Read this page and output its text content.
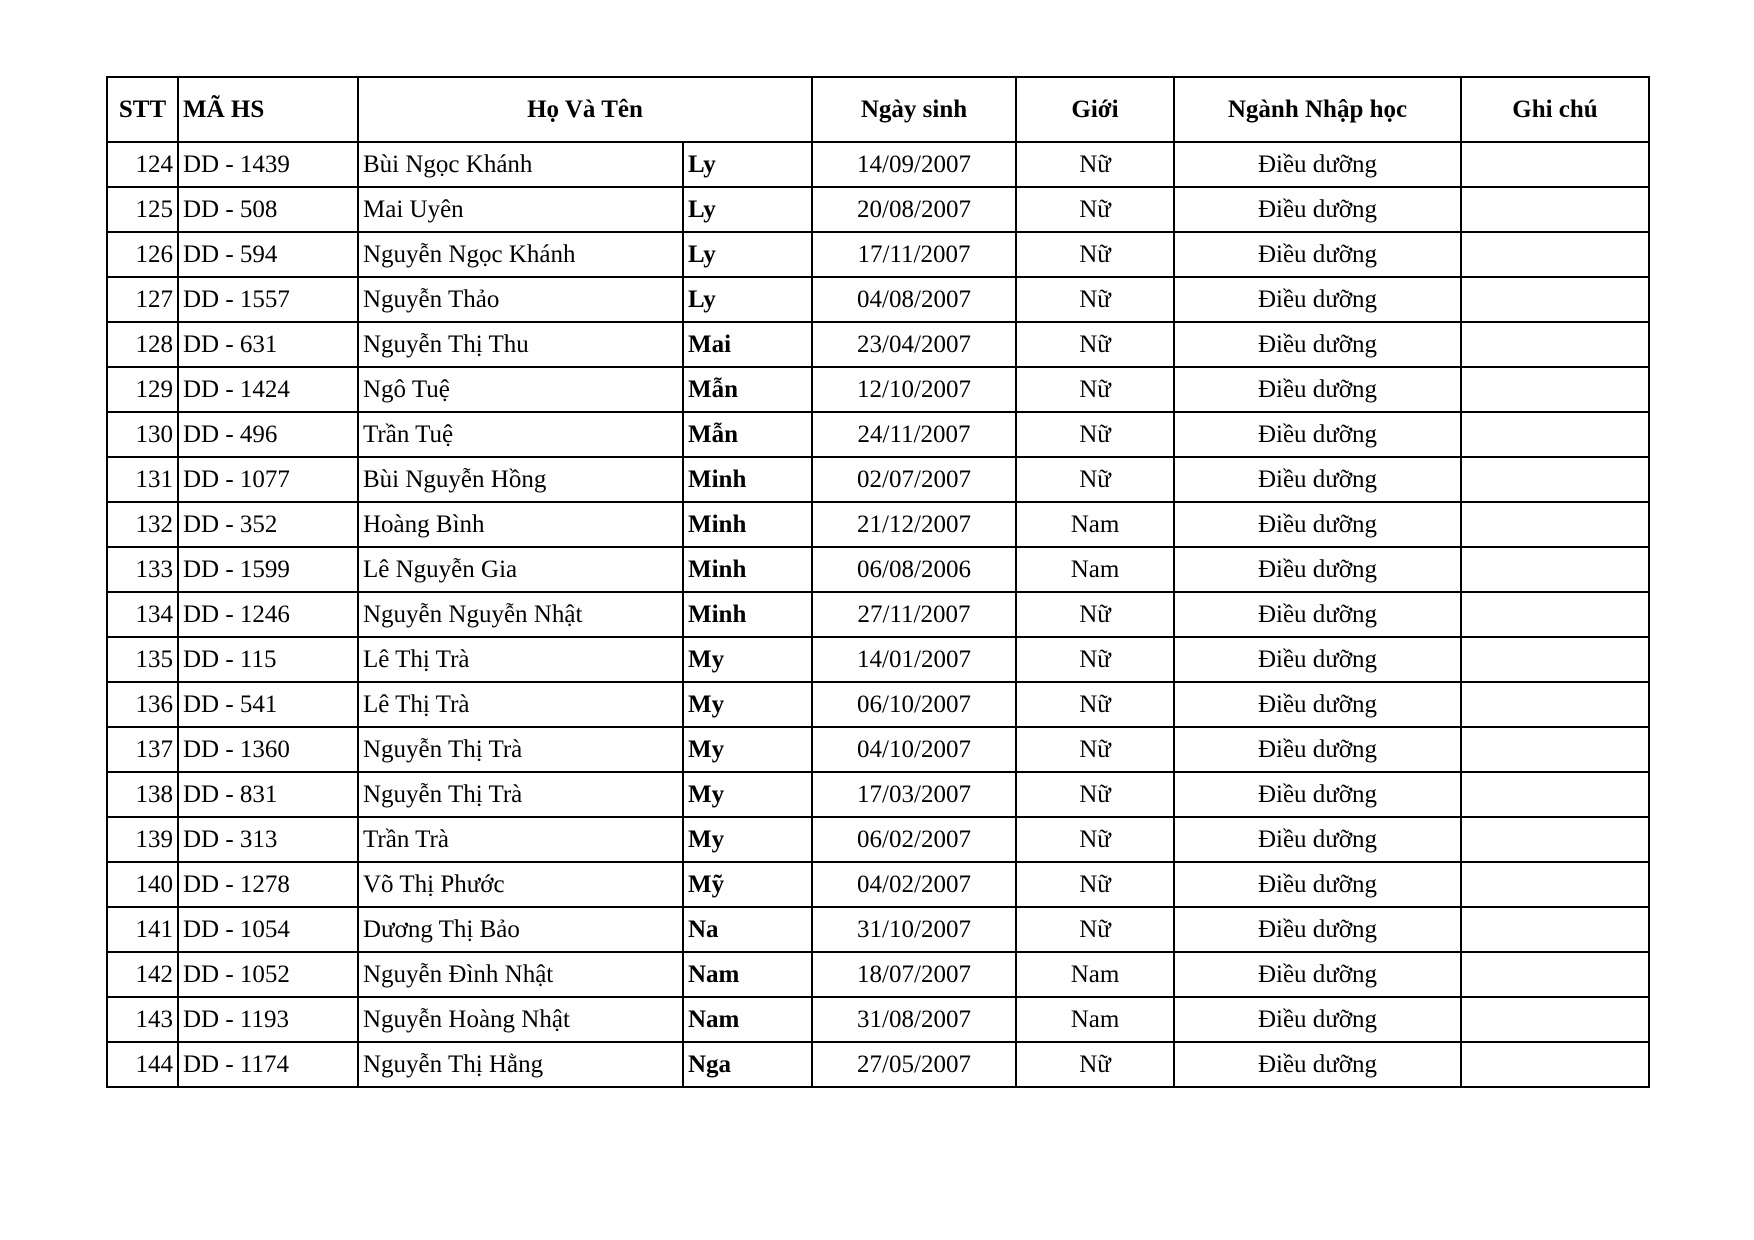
STT	MÃ HS	Họ Và Tên		Ngày sinh	Giới	Ngành Nhập học	Ghi chú
124	DD - 1439	Bùi Ngọc Khánh	Ly	14/09/2007	Nữ	Điều dưỡng	
125	DD - 508	Mai Uyên	Ly	20/08/2007	Nữ	Điều dưỡng	
126	DD - 594	Nguyễn Ngọc Khánh	Ly	17/11/2007	Nữ	Điều dưỡng	
127	DD - 1557	Nguyễn Thảo	Ly	04/08/2007	Nữ	Điều dưỡng	
128	DD - 631	Nguyễn Thị Thu	Mai	23/04/2007	Nữ	Điều dưỡng	
129	DD - 1424	Ngô Tuệ	Mẫn	12/10/2007	Nữ	Điều dưỡng	
130	DD - 496	Trần Tuệ	Mẫn	24/11/2007	Nữ	Điều dưỡng	
131	DD - 1077	Bùi Nguyễn Hồng	Minh	02/07/2007	Nữ	Điều dưỡng	
132	DD - 352	Hoàng Bình	Minh	21/12/2007	Nam	Điều dưỡng	
133	DD - 1599	Lê Nguyễn Gia	Minh	06/08/2006	Nam	Điều dưỡng	
134	DD - 1246	Nguyễn Nguyễn Nhật	Minh	27/11/2007	Nữ	Điều dưỡng	
135	DD - 115	Lê Thị Trà	My	14/01/2007	Nữ	Điều dưỡng	
136	DD - 541	Lê Thị Trà	My	06/10/2007	Nữ	Điều dưỡng	
137	DD - 1360	Nguyễn Thị Trà	My	04/10/2007	Nữ	Điều dưỡng	
138	DD - 831	Nguyễn Thị Trà	My	17/03/2007	Nữ	Điều dưỡng	
139	DD - 313	Trần Trà	My	06/02/2007	Nữ	Điều dưỡng	
140	DD - 1278	Võ Thị Phước	Mỹ	04/02/2007	Nữ	Điều dưỡng	
141	DD - 1054	Dương Thị Bảo	Na	31/10/2007	Nữ	Điều dưỡng	
142	DD - 1052	Nguyễn Đình Nhật	Nam	18/07/2007	Nam	Điều dưỡng	
143	DD - 1193	Nguyễn Hoàng Nhật	Nam	31/08/2007	Nam	Điều dưỡng	
144	DD - 1174	Nguyễn Thị Hằng	Nga	27/05/2007	Nữ	Điều dưỡng	
